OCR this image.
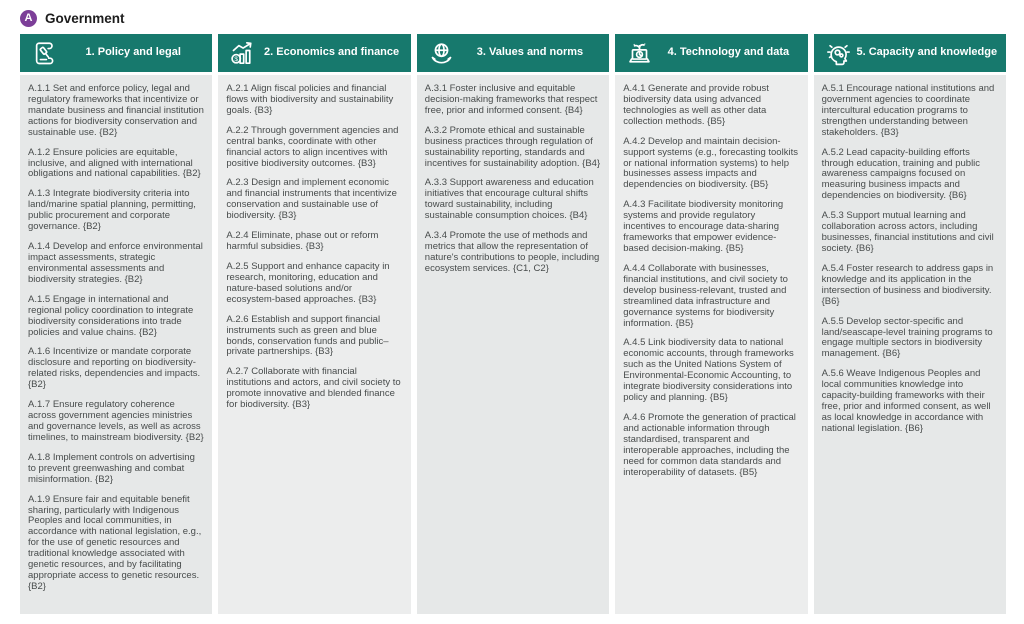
A Government
1. Policy and legal

A.1.1 Set and enforce policy, legal and regulatory frameworks that incentivize or mandate business and financial institution actions for biodiversity conservation and sustainable use. {B2}

A.1.2 Ensure policies are equitable, inclusive, and aligned with international obligations and national capabilities. {B2}

A.1.3 Integrate biodiversity criteria into land/marine spatial planning, permitting, public procurement and corporate governance. {B2}

A.1.4 Develop and enforce environmental impact assessments, strategic environmental assessments and biodiversity strategies. {B2}

A.1.5 Engage in international and regional policy coordination to integrate biodiversity considerations into trade policies and value chains. {B2}

A.1.6 Incentivize or mandate corporate disclosure and reporting on biodiversity-related risks, dependencies and impacts. {B2}

A.1.7 Ensure regulatory coherence across government agencies ministries and governance levels, as well as across timelines, to mainstream biodiversity. {B2}

A.1.8 Implement controls on advertising to prevent greenwashing and combat misinformation. {B2}

A.1.9 Ensure fair and equitable benefit sharing, particularly with Indigenous Peoples and local communities, in accordance with national legislation, e.g., for the use of genetic resources and traditional knowledge associated with genetic resources, and by facilitating appropriate access to genetic resources. {B2}

$
2. Economics and finance

A.2.1 Align fiscal policies and financial flows with biodiversity and sustainability goals. {B3}

A.2.2 Through government agencies and central banks, coordinate with other financial actors to align incentives with positive biodiversity outcomes. {B3}

A.2.3 Design and implement economic and financial instruments that incentivize conservation and sustainable use of biodiversity. {B3}

A.2.4 Eliminate, phase out or reform harmful subsidies. {B3}

A.2.5 Support and enhance capacity in research, monitoring, education and nature-based solutions and/or ecosystem-based approaches. {B3}

A.2.6 Establish and support financial instruments such as green and blue bonds, conservation funds and public–private partnerships. {B3}

A.2.7 Collaborate with financial institutions and actors, and civil society to promote innovative and blended finance for biodiversity. {B3}

3. Values and norms

A.3.1 Foster inclusive and equitable decision-making frameworks that respect free, prior and informed consent. {B4}

A.3.2 Promote ethical and sustainable business practices through regulation of sustainability reporting, standards and incentives for sustainability adoption. {B4}

A.3.3 Support awareness and education initiatives that encourage cultural shifts toward sustainability, including sustainable consumption choices. {B4}

A.3.4 Promote the use of methods and metrics that allow the representation of nature's contributions to people, including ecosystem services. {C1, C2}

4. Technology and data

A.4.1 Generate and provide robust biodiversity data using advanced technologies as well as other data collection methods. {B5}

A.4.2 Develop and maintain decision-support systems (e.g., forecasting toolkits or national information systems) to help businesses assess impacts and dependencies on biodiversity. {B5}

A.4.3 Facilitate biodiversity monitoring systems and provide regulatory incentives to encourage data-sharing frameworks that empower evidence-based decision-making. {B5}

A.4.4 Collaborate with businesses, financial institutions, and civil society to develop business-relevant, trusted and streamlined data infrastructure and governance systems for biodiversity information. {B5}

A.4.5 Link biodiversity data to national economic accounts, through frameworks such as the United Nations System of Environmental-Economic Accounting, to integrate biodiversity considerations into policy and planning. {B5}

A.4.6 Promote the generation of practical and actionable information through standardised, transparent and interoperable approaches, including the need for common data standards and interoperability of datasets. {B5}

5. Capacity and knowledge

A.5.1 Encourage national institutions and government agencies to coordinate intercultural education programs to strengthen understanding between stakeholders. {B3}

A.5.2 Lead capacity-building efforts through education, training and public awareness campaigns focused on measuring business impacts and dependencies on biodiversity. {B6}

A.5.3 Support mutual learning and collaboration across actors, including businesses, financial institutions and civil society. {B6}

A.5.4 Foster research to address gaps in knowledge and its application in the intersection of business and biodiversity. {B6}

A.5.5 Develop sector-specific and land/seascape-level training programs to engage multiple sectors in biodiversity management. {B6}

A.5.6 Weave Indigenous Peoples and local communities knowledge into capacity-building frameworks with their free, prior and informed consent, as well as local knowledge in accordance with national legislation. {B6}
